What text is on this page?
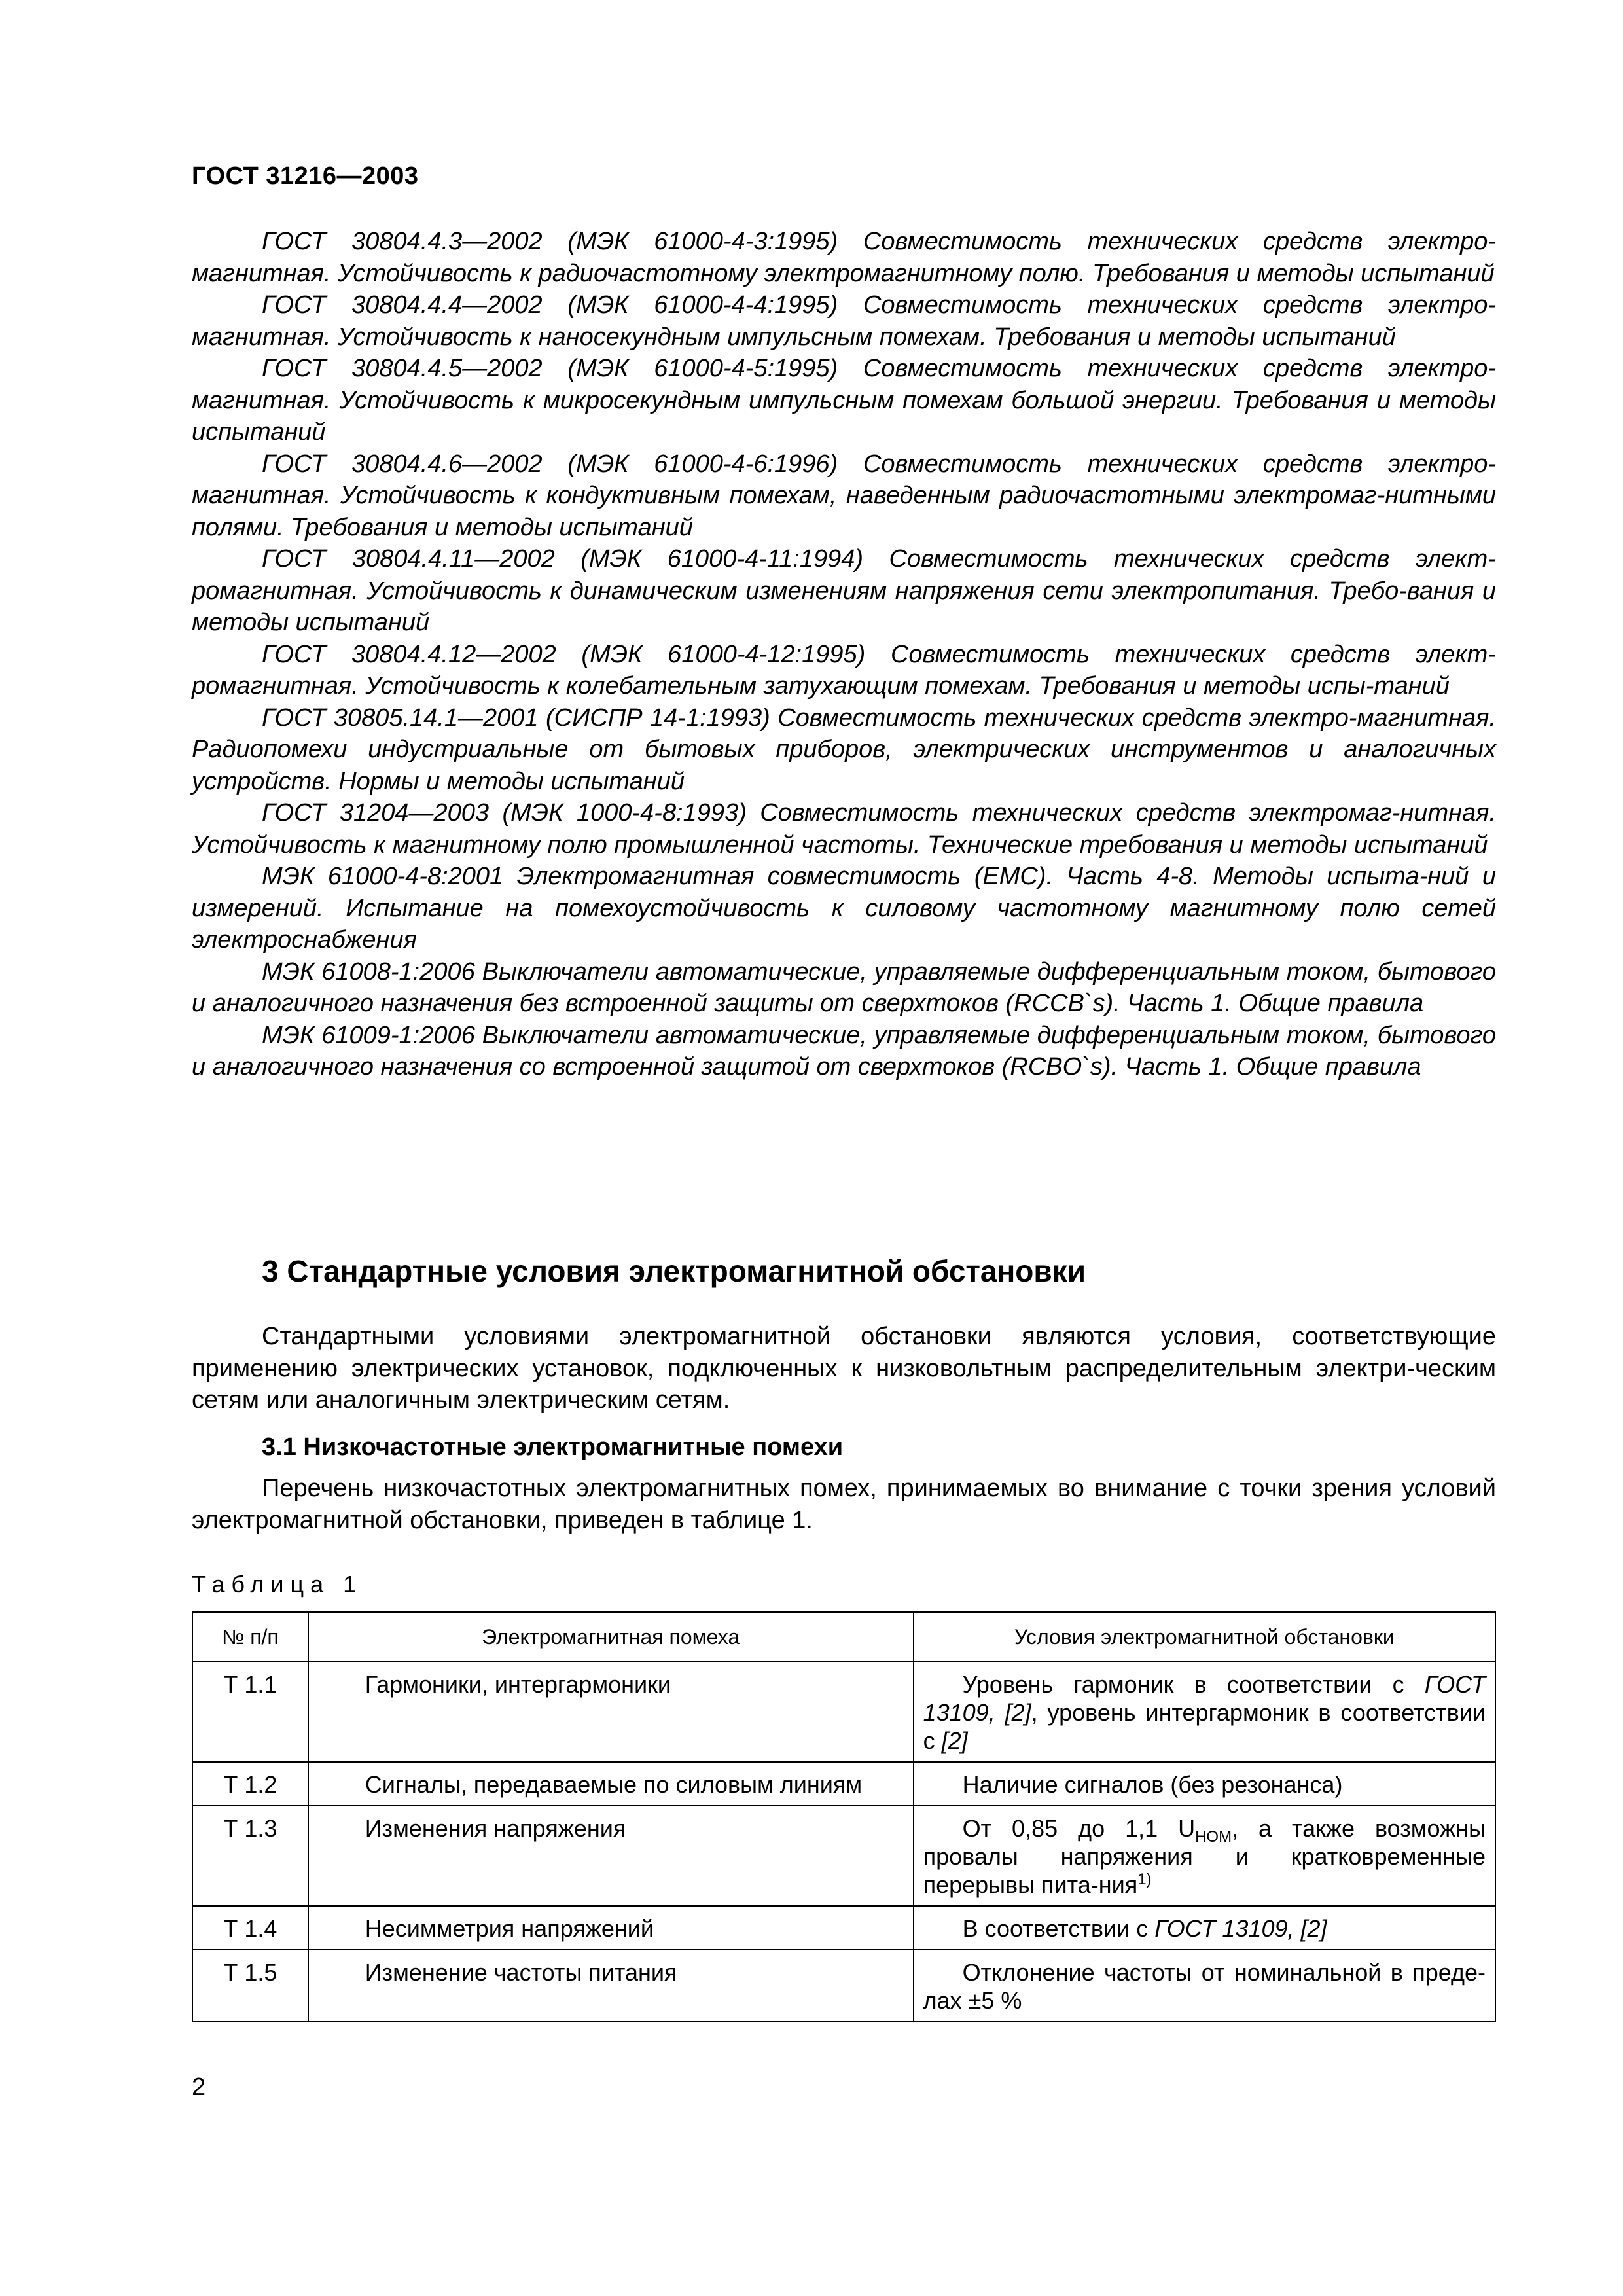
ГОСТ 31216—2003

ГОСТ 30804.4.3—2002 (МЭК 61000-4-3:1995) Совместимость технических средств электро-магнитная. Устойчивость к радиочастотному электромагнитному полю. Требования и методы испытаний

ГОСТ 30804.4.4—2002 (МЭК 61000-4-4:1995) Совместимость технических средств электро-магнитная. Устойчивость к наносекундным импульсным помехам. Требования и методы испытаний

ГОСТ 30804.4.5—2002 (МЭК 61000-4-5:1995) Совместимость технических средств электро-магнитная. Устойчивость к микросекундным импульсным помехам большой энергии. Требования и методы испытаний

ГОСТ 30804.4.6—2002 (МЭК 61000-4-6:1996) Совместимость технических средств электро-магнитная. Устойчивость к кондуктивным помехам, наведенным радиочастотными электромаг-нитными полями. Требования и методы испытаний

ГОСТ 30804.4.11—2002 (МЭК 61000-4-11:1994) Совместимость технических средств элект-ромагнитная. Устойчивость к динамическим изменениям напряжения сети электропитания. Требо-вания и методы испытаний

ГОСТ 30804.4.12—2002 (МЭК 61000-4-12:1995) Совместимость технических средств элект-ромагнитная. Устойчивость к колебательным затухающим помехам. Требования и методы испы-таний

ГОСТ 30805.14.1—2001 (СИСПР 14-1:1993) Совместимость технических средств электро-магнитная. Радиопомехи индустриальные от бытовых приборов, электрических инструментов и аналогичных устройств. Нормы и методы испытаний

ГОСТ 31204—2003 (МЭК 1000-4-8:1993) Совместимость технических средств электромаг-нитная. Устойчивость к магнитному полю промышленной частоты. Технические требования и методы испытаний

МЭК 61000-4-8:2001 Электромагнитная совместимость (ЕМС). Часть 4-8. Методы испыта-ний и измерений. Испытание на помехоустойчивость к силовому частотному магнитному полю сетей электроснабжения

МЭК 61008-1:2006 Выключатели автоматические, управляемые дифференциальным током, бытового и аналогичного назначения без встроенной защиты от сверхтоков (RCCB`s). Часть 1. Общие правила

МЭК 61009-1:2006 Выключатели автоматические, управляемые дифференциальным током, бытового и аналогичного назначения со встроенной защитой от сверхтоков (RCBO`s). Часть 1. Общие правила

3 Стандартные условия электромагнитной обстановки

Стандартными условиями электромагнитной обстановки являются условия, соответствующие применению электрических установок, подключенных к низковольтным распределительным электри-ческим сетям или аналогичным электрическим сетям.

3.1 Низкочастотные электромагнитные помехи

Перечень низкочастотных электромагнитных помех, принимаемых во внимание с точки зрения условий электромагнитной обстановки, приведен в таблице 1.

Таблица 1
№ п/п	Электромагнитная помеха	Условия электромагнитной обстановки
Т 1.1	Гармоники, интергармоники	Уровень гармоник в соответствии с ГОСТ 13109, [2], уровень интергармоник в соответствии с [2]
Т 1.2	Сигналы, передаваемые по силовым линиям	Наличие сигналов (без резонанса)
Т 1.3	Изменения напряжения	От 0,85 до 1,1 $U_{НОМ}$, а также возможны провалы напряжения и кратковременные перерывы пита-ния$^{1)}$
Т 1.4	Несимметрия напряжений	В соответствии с ГОСТ 13109, [2]
Т 1.5	Изменение частоты питания	Отклонение частоты от номинальной в преде-лах ±5 %
2
